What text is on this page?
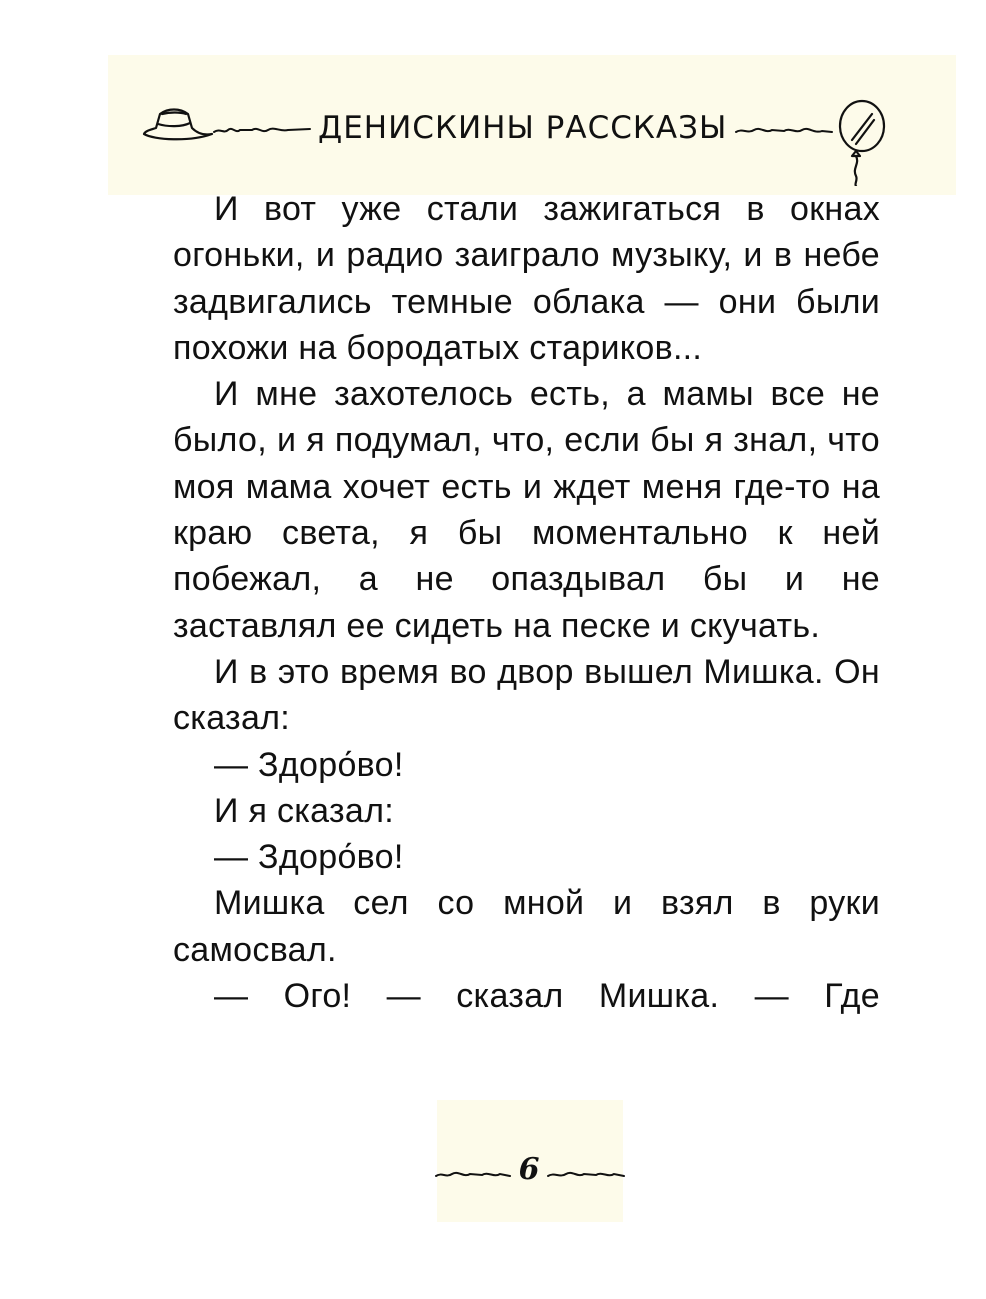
ДЕНИСКИНЫ РАССКАЗЫ

И вот уже стали зажигаться в окнах огоньки, и радио заиграло музыку, и в небе задвигались темные облака — они были похожи на бородатых стариков...

И мне захотелось есть, а мамы все не было, и я подумал, что, если бы я знал, что моя мама хочет есть и ждет меня где-то на краю света, я бы моментально к ней побежал, а не опаздывал бы и не заставлял ее сидеть на песке и скучать.

И в это время во двор вышел Мишка. Он сказал:

— Здоро́во!

И я сказал:

— Здоро́во!

Мишка сел со мной и взял в руки самосвал.

— Ого! — сказал Мишка. — Где

6
